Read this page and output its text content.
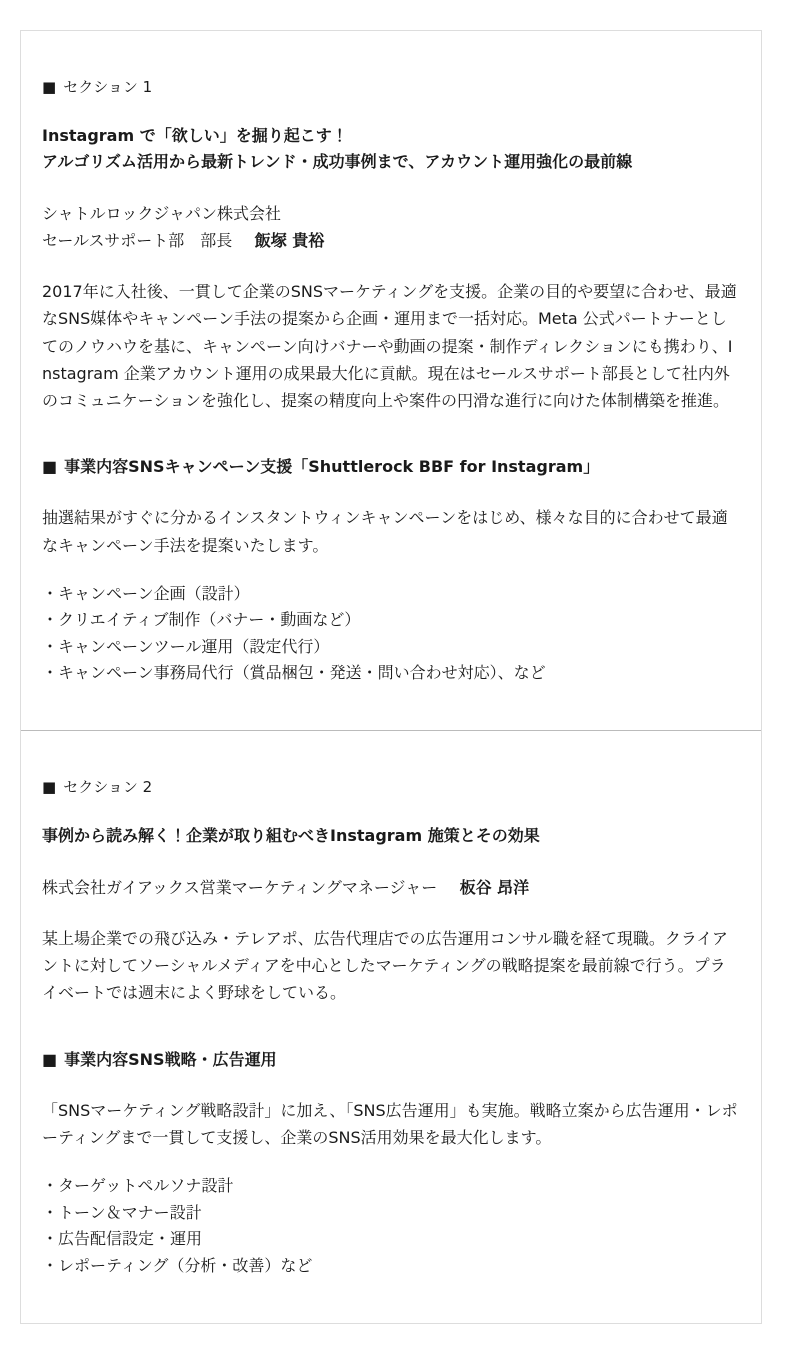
■ セクション 1

Instagram で「欲しい」を掘り起こす！
アルゴリズム活用から最新トレンド・成功事例まで、アカウント運用強化の最前線

シャトルロックジャパン株式会社
セールスサポート部　部長 飯塚 貴裕

2017年に入社後、一貫して企業のSNSマーケティングを支援。企業の目的や要望に合わせ、最適なSNS媒体やキャンペーン手法の提案から企画・運用まで一括対応。Meta 公式パートナーとしてのノウハウを基に、キャンペーン向けバナーや動画の提案・制作ディレクションにも携わり、Instagram 企業アカウント運用の成果最大化に貢献。現在はセールスサポート部長として社内外のコミュニケーションを強化し、提案の精度向上や案件の円滑な進行に向けた体制構築を推進。

■ 事業内容SNSキャンペーン支援「Shuttlerock BBF for Instagram」

抽選結果がすぐに分かるインスタントウィンキャンペーンをはじめ、様々な目的に合わせて最適なキャンペーン手法を提案いたします。

・キャンペーン企画（設計）
・クリエイティブ制作（バナー・動画など）
・キャンペーンツール運用（設定代行）
・キャンペーン事務局代行（賞品梱包・発送・問い合わせ対応）、など

■ セクション 2

事例から読み解く！企業が取り組むべきInstagram 施策とその効果

株式会社ガイアックス営業マーケティングマネージャー 板谷 昂洋

某上場企業での飛び込み・テレアポ、広告代理店での広告運用コンサル職を経て現職。クライアントに対してソーシャルメディアを中心としたマーケティングの戦略提案を最前線で行う。プライベートでは週末によく野球をしている。

■ 事業内容SNS戦略・広告運用

「SNSマーケティング戦略設計」に加え、「SNS広告運用」も実施。戦略立案から広告運用・レポーティングまで一貫して支援し、企業のSNS活用効果を最大化します。

・ターゲットペルソナ設計
・トーン＆マナー設計
・広告配信設定・運用
・レポーティング（分析・改善）など
